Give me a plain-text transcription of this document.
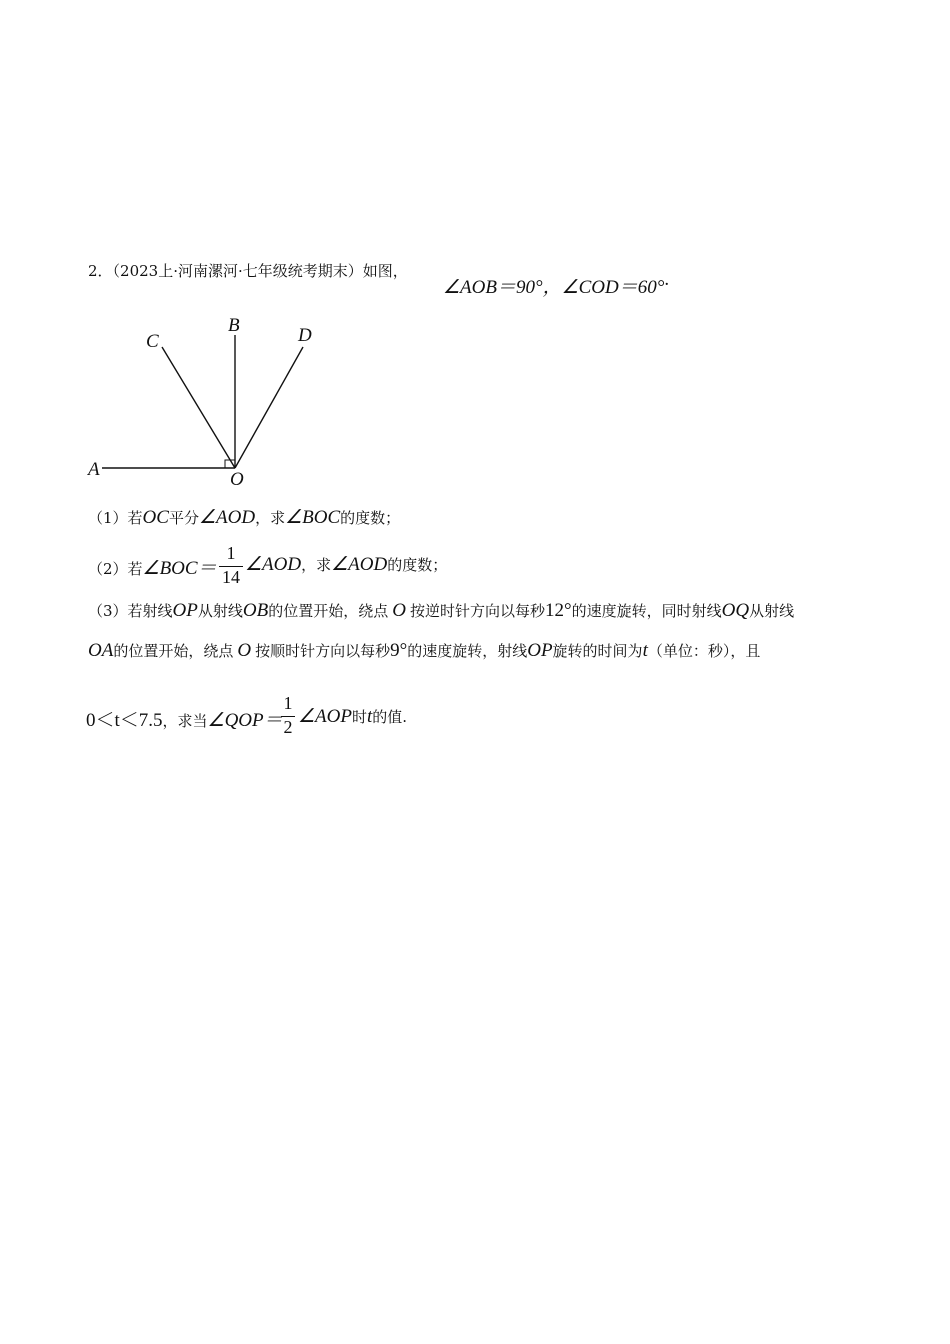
2．（2023上·河南漯河·七年级统考期末）如图，
∠AOB＝90°，∠COD＝60°.
A
B
C	D
O
（1）若OC平分∠AOD，求∠BOC的度数；
（2）若∠BOC＝
1
14
∠AOD，求∠AOD的度数；
（3）若射线OP从射线OB的位置开始，绕点 O 按逆时针方向以每秒12°的速度旋转，同时射线OQ从射线
OA的位置开始，绕点 O 按顺时针方向以每秒9°的速度旋转，射线OP旋转的时间为t（单位：秒），且
0＜t＜7.5，求当∠QOP＝
1
2 ∠AOP时t的值.
